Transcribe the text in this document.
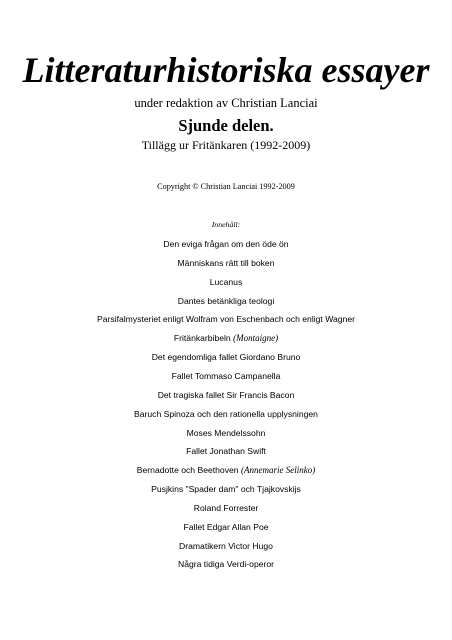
Litteraturhistoriska essayer
under redaktion av Christian Lanciai
Sjunde delen.
Tillägg ur Fritänkaren (1992-2009)
Copyright © Christian Lanciai 1992-2009
Innehåll:
Den eviga frågan om den öde ön
Människans rätt till boken
Lucanus
Dantes betänkliga teologi
Parsifalmysteriet enligt Wolfram von Eschenbach och enligt Wagner
Fritänkarbibeln (Montaigne)
Det egendomliga fallet Giordano Bruno
Fallet Tommaso Campanella
Det tragiska fallet Sir Francis Bacon
Baruch Spinoza och den rationella upplysningen
Moses Mendelssohn
Fallet Jonathan Swift
Bernadotte och Beethoven (Annemarie Selinko)
Pusjkins "Spader dam" och Tjajkovskijs
Roland Forrester
Fallet Edgar Allan Poe
Dramatikern Victor Hugo
Några tidiga Verdi-operor
